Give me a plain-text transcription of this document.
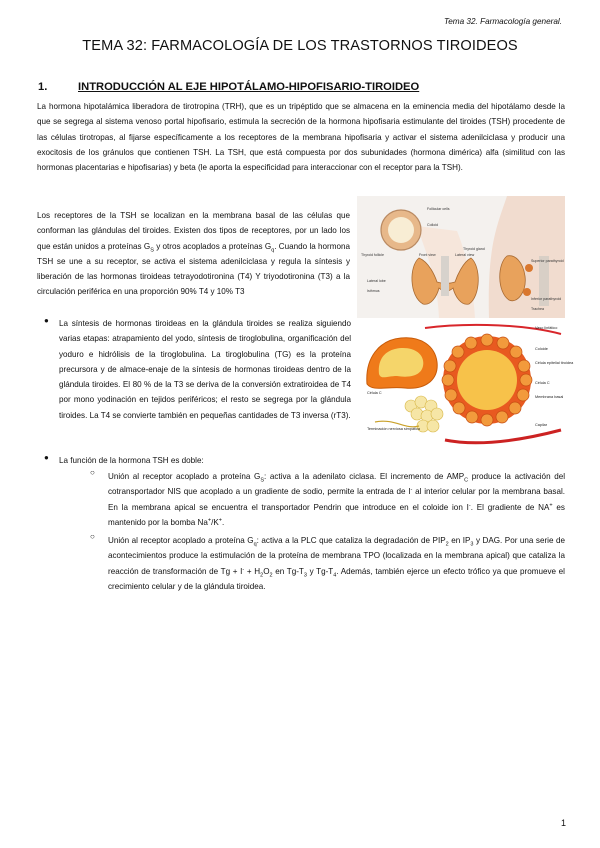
Tema 32. Farmacología general.
TEMA 32: FARMACOLOGÍA DE LOS TRASTORNOS TIROIDEOS
1.	INTRODUCCIÓN AL EJE HIPOTÁLAMO-HIPOFISARIO-TIROIDEO
La hormona hipotalámica liberadora de tirotropina (TRH), que es un tripéptido que se almacena en la eminencia media del hipotálamo desde la que se segrega al sistema venoso portal hipofisario, estimula la secreción de la hormona hipofisaria estimulante del tiroides (TSH) procedente de las células tirotropas, al fijarse específicamente a los receptores de la membrana hipofisaria y activar el sistema adenilciclasa y producir una exocitosis de los gránulos que contienen TSH. La TSH, que está compuesta por dos subunidades (hormona dimérica) alfa (similitud con las hormonas placentarias e hipofisarias) y beta (le aporta la especificidad para interaccionar con el receptor para la TSH).
Los receptores de la TSH se localizan en la membrana basal de las células que conforman las glándulas del tiroides. Existen dos tipos de receptores, por un lado los que están unidos a proteínas $G_S$ y otros acoplados a proteínas $G_q$. Cuando la hormona TSH se une a su receptor, se activa el sistema adenilciclasa y regula la síntesis y liberación de las hormonas tiroideas tetrayodotironina (T4) Y triyodotironina (T3) a la circulación periférica en una proporción 90% T4 y 10% T3
● La síntesis de hormonas tiroideas en la glándula tiroides se realiza siguiendo varias etapas: atrapamiento del yodo, síntesis de tiroglobulina, organificación del yoduro e hidrólisis de la tiroglobulina. La tiroglobulina (TG) es la proteína precursora y de almace-enaje de la síntesis de hormonas tiroideas dentro de la glándula tiroides. El 80 % de la T3 se deriva de la conversión extratiroidea de T4 por mono yodinación en tejidos periféricos; el resto se segrega por la glándula tiroides. La T4 se convierte también en pequeñas cantidades de T3 inversa (rT3).
● La función de la hormona TSH es doble:
○ Unión al receptor acoplado a proteína $G_S$: activa a la adenilato ciclasa. El incremento de $AMP_C$ produce la activación del cotransportador NIS que acoplado a un gradiente de sodio, permite la entrada de I- al interior celular por la membrana basal. En la membrana apical se encuentra el transportador Pendrin que introduce en el coloide ion I-. El gradiente de NA+ es mantenido por la bomba Na+/K+.
○ Unión al receptor acoplado a proteína $G_q$: activa a la PLC que cataliza la degradación de $PIP_2$ en $IP_3$ y DAG. Por una serie de acontecimientos produce la estimulación de la proteína de membrana TPO (localizada en la membrana apical) que cataliza la reacción de transformación de $Tg + I^- + H_2O_2$ en $Tg-T_3$ y $Tg-T_4$. Además, también ejerce un efecto trófico ya que promueve el crecimiento celular y de la glándula tiroidea.
Follicular cells
Colloid
Thyroid follicle
Thyroid gland
Front view	Lateral view
Lateral lobe
Isthmus
Superior parathyroid
Inferior parathyroid
Trachea
Vaso linfático
Coloide
Célula epitelial tiroidea
Célula C
Membrana basal
Capilar
Célula C
Terminación nerviosa simpática
1
